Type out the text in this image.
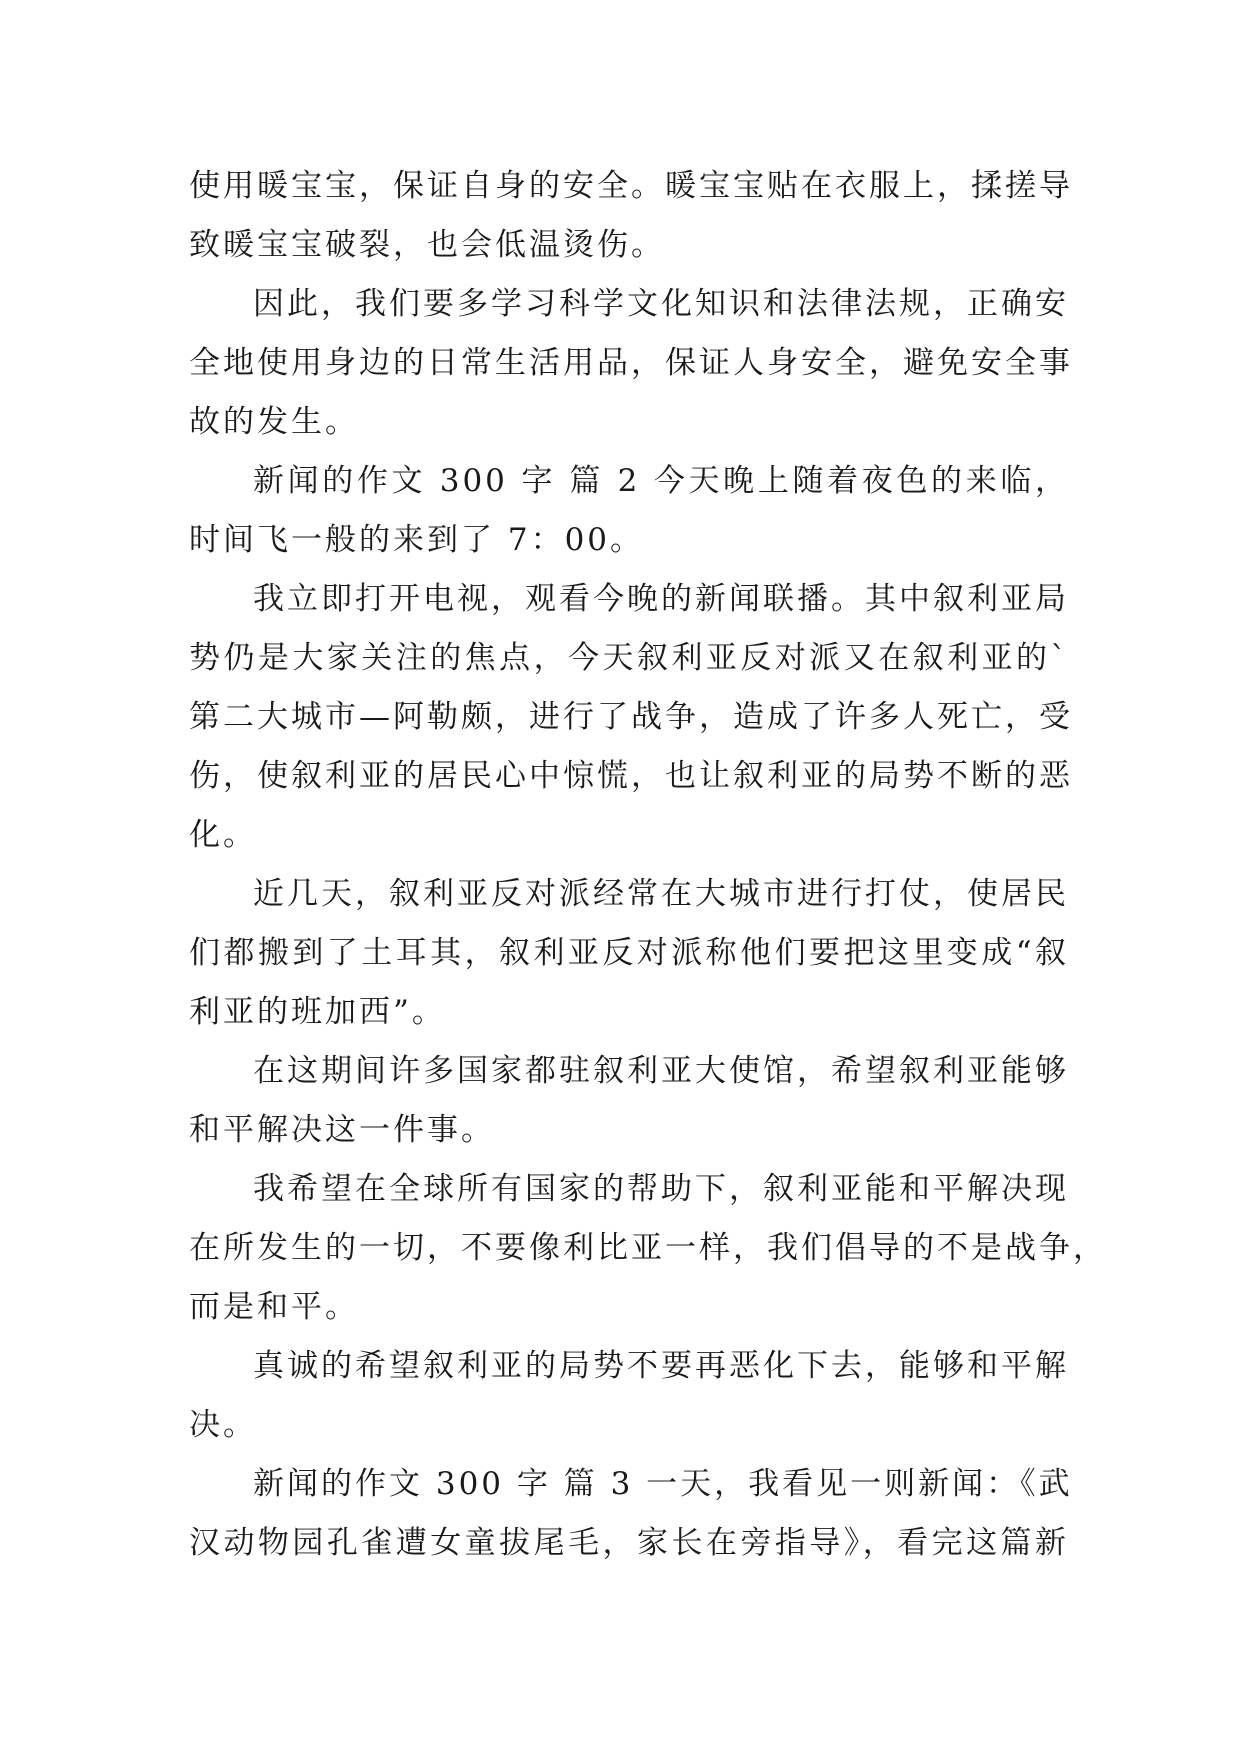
使用暖宝宝，保证自身的安全。暖宝宝贴在衣服上，揉搓导
致暖宝宝破裂，也会低温烫伤。
因此，我们要多学习科学文化知识和法律法规，正确安
全地使用身边的日常生活用品，保证人身安全，避免安全事
故的发生。
新闻的作文 300 字 篇 2 今天晚上随着夜色的来临，
时间飞一般的来到了 7：00。
我立即打开电视，观看今晚的新闻联播。其中叙利亚局
势仍是大家关注的焦点，今天叙利亚反对派又在叙利亚的`
第二大城市—阿勒颇，进行了战争，造成了许多人死亡，受
伤，使叙利亚的居民心中惊慌，也让叙利亚的局势不断的恶
化。
近几天，叙利亚反对派经常在大城市进行打仗，使居民
们都搬到了土耳其，叙利亚反对派称他们要把这里变成“叙
利亚的班加西”。
在这期间许多国家都驻叙利亚大使馆，希望叙利亚能够
和平解决这一件事。
我希望在全球所有国家的帮助下，叙利亚能和平解决现
在所发生的一切，不要像利比亚一样，我们倡导的不是战争，
而是和平。
真诚的希望叙利亚的局势不要再恶化下去，能够和平解
决。
新闻的作文 300 字 篇 3 一天，我看见一则新闻：《武
汉动物园孔雀遭女童拔尾毛，家长在旁指导》，看完这篇新
